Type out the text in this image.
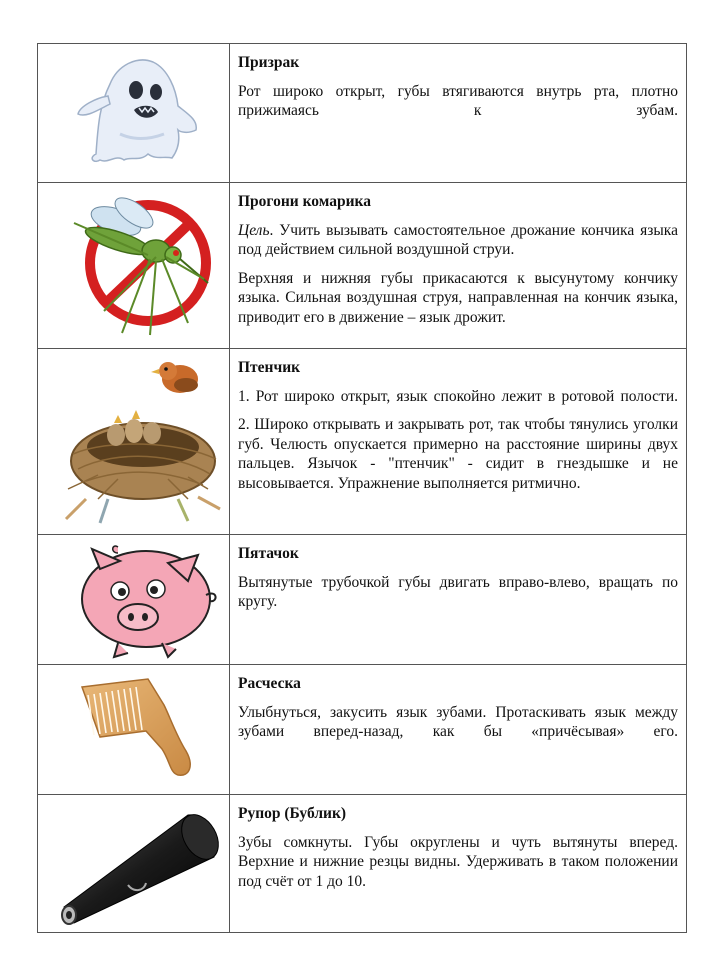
Призрак
Рот широко открыт, губы втягиваются внутрь рта, плотно прижимаясь к зубам.

Прогони комарика
Цель. Учить вызывать самостоятельное дрожание кончика языка под действием сильной воздушной струи.
Верхняя и нижняя губы прикасаются к высунутому кончику языка. Сильная воздушная струя, направленная на кончик языка, приводит его в движение – язык дрожит.

Птенчик
1. Рот широко открыт, язык спокойно лежит в ротовой полости.
2. Широко открывать и закрывать рот, так чтобы тянулись уголки губ. Челюсть опускается примерно на расстояние ширины двух пальцев. Язычок - "птенчик" - сидит в гнездышке и не высовывается. Упражнение выполняется ритмично.

Пятачок
Вытянутые трубочкой губы двигать вправо-влево, вращать по кругу.

Расческа
Улыбнуться, закусить язык зубами. Протаскивать язык между зубами вперед-назад, как бы «причёсывая» его.

Рупор (Бублик)
Зубы сомкнуты. Губы округлены и чуть вытянуты вперед. Верхние и нижние резцы видны. Удерживать в таком положении под счёт от 1 до 10.
